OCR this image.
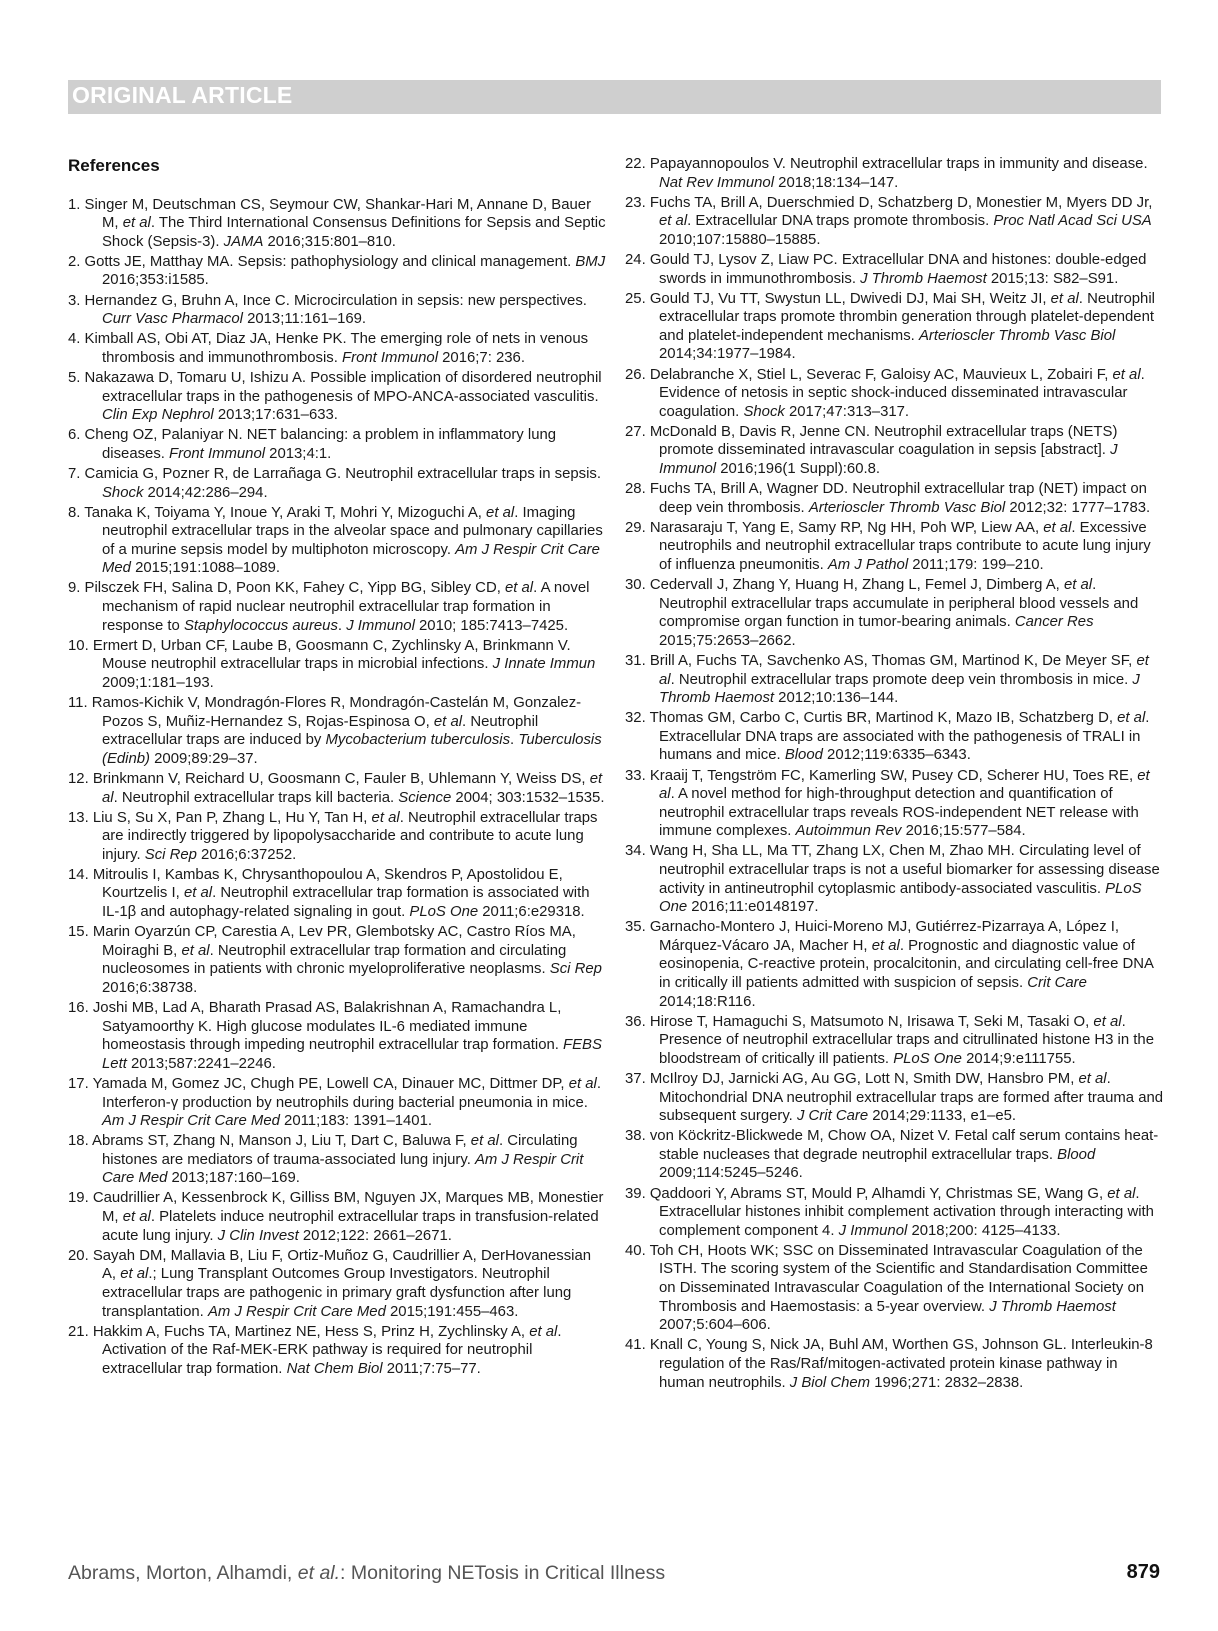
ORIGINAL ARTICLE
References
1. Singer M, Deutschman CS, Seymour CW, Shankar-Hari M, Annane D, Bauer M, et al. The Third International Consensus Definitions for Sepsis and Septic Shock (Sepsis-3). JAMA 2016;315:801–810.
2. Gotts JE, Matthay MA. Sepsis: pathophysiology and clinical management. BMJ 2016;353:i1585.
3. Hernandez G, Bruhn A, Ince C. Microcirculation in sepsis: new perspectives. Curr Vasc Pharmacol 2013;11:161–169.
4. Kimball AS, Obi AT, Diaz JA, Henke PK. The emerging role of nets in venous thrombosis and immunothrombosis. Front Immunol 2016;7: 236.
5. Nakazawa D, Tomaru U, Ishizu A. Possible implication of disordered neutrophil extracellular traps in the pathogenesis of MPO-ANCA-associated vasculitis. Clin Exp Nephrol 2013;17:631–633.
6. Cheng OZ, Palaniyar N. NET balancing: a problem in inflammatory lung diseases. Front Immunol 2013;4:1.
7. Camicia G, Pozner R, de Larrañaga G. Neutrophil extracellular traps in sepsis. Shock 2014;42:286–294.
8. Tanaka K, Toiyama Y, Inoue Y, Araki T, Mohri Y, Mizoguchi A, et al. Imaging neutrophil extracellular traps in the alveolar space and pulmonary capillaries of a murine sepsis model by multiphoton microscopy. Am J Respir Crit Care Med 2015;191:1088–1089.
9. Pilsczek FH, Salina D, Poon KK, Fahey C, Yipp BG, Sibley CD, et al. A novel mechanism of rapid nuclear neutrophil extracellular trap formation in response to Staphylococcus aureus. J Immunol 2010; 185:7413–7425.
10. Ermert D, Urban CF, Laube B, Goosmann C, Zychlinsky A, Brinkmann V. Mouse neutrophil extracellular traps in microbial infections. J Innate Immun 2009;1:181–193.
11. Ramos-Kichik V, Mondragón-Flores R, Mondragón-Castelán M, Gonzalez-Pozos S, Muñiz-Hernandez S, Rojas-Espinosa O, et al. Neutrophil extracellular traps are induced by Mycobacterium tuberculosis. Tuberculosis (Edinb) 2009;89:29–37.
12. Brinkmann V, Reichard U, Goosmann C, Fauler B, Uhlemann Y, Weiss DS, et al. Neutrophil extracellular traps kill bacteria. Science 2004; 303:1532–1535.
13. Liu S, Su X, Pan P, Zhang L, Hu Y, Tan H, et al. Neutrophil extracellular traps are indirectly triggered by lipopolysaccharide and contribute to acute lung injury. Sci Rep 2016;6:37252.
14. Mitroulis I, Kambas K, Chrysanthopoulou A, Skendros P, Apostolidou E, Kourtzelis I, et al. Neutrophil extracellular trap formation is associated with IL-1β and autophagy-related signaling in gout. PLoS One 2011;6:e29318.
15. Marin Oyarzún CP, Carestia A, Lev PR, Glembotsky AC, Castro Ríos MA, Moiraghi B, et al. Neutrophil extracellular trap formation and circulating nucleosomes in patients with chronic myeloproliferative neoplasms. Sci Rep 2016;6:38738.
16. Joshi MB, Lad A, Bharath Prasad AS, Balakrishnan A, Ramachandra L, Satyamoorthy K. High glucose modulates IL-6 mediated immune homeostasis through impeding neutrophil extracellular trap formation. FEBS Lett 2013;587:2241–2246.
17. Yamada M, Gomez JC, Chugh PE, Lowell CA, Dinauer MC, Dittmer DP, et al. Interferon-γ production by neutrophils during bacterial pneumonia in mice. Am J Respir Crit Care Med 2011;183: 1391–1401.
18. Abrams ST, Zhang N, Manson J, Liu T, Dart C, Baluwa F, et al. Circulating histones are mediators of trauma-associated lung injury. Am J Respir Crit Care Med 2013;187:160–169.
19. Caudrillier A, Kessenbrock K, Gilliss BM, Nguyen JX, Marques MB, Monestier M, et al. Platelets induce neutrophil extracellular traps in transfusion-related acute lung injury. J Clin Invest 2012;122: 2661–2671.
20. Sayah DM, Mallavia B, Liu F, Ortiz-Muñoz G, Caudrillier A, DerHovanessian A, et al.; Lung Transplant Outcomes Group Investigators. Neutrophil extracellular traps are pathogenic in primary graft dysfunction after lung transplantation. Am J Respir Crit Care Med 2015;191:455–463.
21. Hakkim A, Fuchs TA, Martinez NE, Hess S, Prinz H, Zychlinsky A, et al. Activation of the Raf-MEK-ERK pathway is required for neutrophil extracellular trap formation. Nat Chem Biol 2011;7:75–77.
22. Papayannopoulos V. Neutrophil extracellular traps in immunity and disease. Nat Rev Immunol 2018;18:134–147.
23. Fuchs TA, Brill A, Duerschmied D, Schatzberg D, Monestier M, Myers DD Jr, et al. Extracellular DNA traps promote thrombosis. Proc Natl Acad Sci USA 2010;107:15880–15885.
24. Gould TJ, Lysov Z, Liaw PC. Extracellular DNA and histones: double-edged swords in immunothrombosis. J Thromb Haemost 2015;13: S82–S91.
25. Gould TJ, Vu TT, Swystun LL, Dwivedi DJ, Mai SH, Weitz JI, et al. Neutrophil extracellular traps promote thrombin generation through platelet-dependent and platelet-independent mechanisms. Arterioscler Thromb Vasc Biol 2014;34:1977–1984.
26. Delabranche X, Stiel L, Severac F, Galoisy AC, Mauvieux L, Zobairi F, et al. Evidence of netosis in septic shock-induced disseminated intravascular coagulation. Shock 2017;47:313–317.
27. McDonald B, Davis R, Jenne CN. Neutrophil extracellular traps (NETS) promote disseminated intravascular coagulation in sepsis [abstract]. J Immunol 2016;196(1 Suppl):60.8.
28. Fuchs TA, Brill A, Wagner DD. Neutrophil extracellular trap (NET) impact on deep vein thrombosis. Arterioscler Thromb Vasc Biol 2012;32: 1777–1783.
29. Narasaraju T, Yang E, Samy RP, Ng HH, Poh WP, Liew AA, et al. Excessive neutrophils and neutrophil extracellular traps contribute to acute lung injury of influenza pneumonitis. Am J Pathol 2011;179: 199–210.
30. Cedervall J, Zhang Y, Huang H, Zhang L, Femel J, Dimberg A, et al. Neutrophil extracellular traps accumulate in peripheral blood vessels and compromise organ function in tumor-bearing animals. Cancer Res 2015;75:2653–2662.
31. Brill A, Fuchs TA, Savchenko AS, Thomas GM, Martinod K, De Meyer SF, et al. Neutrophil extracellular traps promote deep vein thrombosis in mice. J Thromb Haemost 2012;10:136–144.
32. Thomas GM, Carbo C, Curtis BR, Martinod K, Mazo IB, Schatzberg D, et al. Extracellular DNA traps are associated with the pathogenesis of TRALI in humans and mice. Blood 2012;119:6335–6343.
33. Kraaij T, Tengström FC, Kamerling SW, Pusey CD, Scherer HU, Toes RE, et al. A novel method for high-throughput detection and quantification of neutrophil extracellular traps reveals ROS-independent NET release with immune complexes. Autoimmun Rev 2016;15:577–584.
34. Wang H, Sha LL, Ma TT, Zhang LX, Chen M, Zhao MH. Circulating level of neutrophil extracellular traps is not a useful biomarker for assessing disease activity in antineutrophil cytoplasmic antibody-associated vasculitis. PLoS One 2016;11:e0148197.
35. Garnacho-Montero J, Huici-Moreno MJ, Gutiérrez-Pizarraya A, López I, Márquez-Vácaro JA, Macher H, et al. Prognostic and diagnostic value of eosinopenia, C-reactive protein, procalcitonin, and circulating cell-free DNA in critically ill patients admitted with suspicion of sepsis. Crit Care 2014;18:R116.
36. Hirose T, Hamaguchi S, Matsumoto N, Irisawa T, Seki M, Tasaki O, et al. Presence of neutrophil extracellular traps and citrullinated histone H3 in the bloodstream of critically ill patients. PLoS One 2014;9:e111755.
37. McIlroy DJ, Jarnicki AG, Au GG, Lott N, Smith DW, Hansbro PM, et al. Mitochondrial DNA neutrophil extracellular traps are formed after trauma and subsequent surgery. J Crit Care 2014;29:1133, e1–e5.
38. von Köckritz-Blickwede M, Chow OA, Nizet V. Fetal calf serum contains heat-stable nucleases that degrade neutrophil extracellular traps. Blood 2009;114:5245–5246.
39. Qaddoori Y, Abrams ST, Mould P, Alhamdi Y, Christmas SE, Wang G, et al. Extracellular histones inhibit complement activation through interacting with complement component 4. J Immunol 2018;200: 4125–4133.
40. Toh CH, Hoots WK; SSC on Disseminated Intravascular Coagulation of the ISTH. The scoring system of the Scientific and Standardisation Committee on Disseminated Intravascular Coagulation of the International Society on Thrombosis and Haemostasis: a 5-year overview. J Thromb Haemost 2007;5:604–606.
41. Knall C, Young S, Nick JA, Buhl AM, Worthen GS, Johnson GL. Interleukin-8 regulation of the Ras/Raf/mitogen-activated protein kinase pathway in human neutrophils. J Biol Chem 1996;271: 2832–2838.
Abrams, Morton, Alhamdi, et al.: Monitoring NETosis in Critical Illness	879
